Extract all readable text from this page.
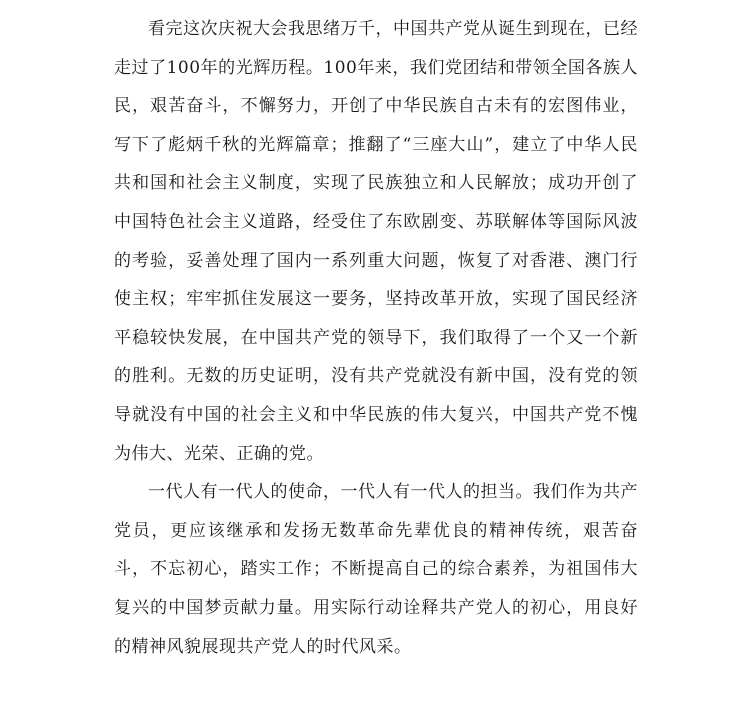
看完这次庆祝大会我思绪万千，中国共产党从诞生到现在，已经走过了100年的光辉历程。100年来，我们党团结和带领全国各族人民，艰苦奋斗，不懈努力，开创了中华民族自古未有的宏图伟业，写下了彪炳千秋的光辉篇章；推翻了“三座大山”，建立了中华人民共和国和社会主义制度，实现了民族独立和人民解放；成功开创了中国特色社会主义道路，经受住了东欧剧变、苏联解体等国际风波的考验，妥善处理了国内一系列重大问题，恢复了对香港、澳门行使主权；牢牢抓住发展这一要务，坚持改革开放，实现了国民经济平稳较快发展，在中国共产党的领导下，我们取得了一个又一个新的胜利。无数的历史证明，没有共产党就没有新中国，没有党的领导就没有中国的社会主义和中华民族的伟大复兴，中国共产党不愧为伟大、光荣、正确的党。

一代人有一代人的使命，一代人有一代人的担当。我们作为共产党员，更应该继承和发扬无数革命先辈优良的精神传统，艰苦奋斗，不忘初心，踏实工作；不断提高自己的综合素养，为祖国伟大复兴的中国梦贡献力量。用实际行动诠释共产党人的初心，用良好的精神风貌展现共产党人的时代风采。
